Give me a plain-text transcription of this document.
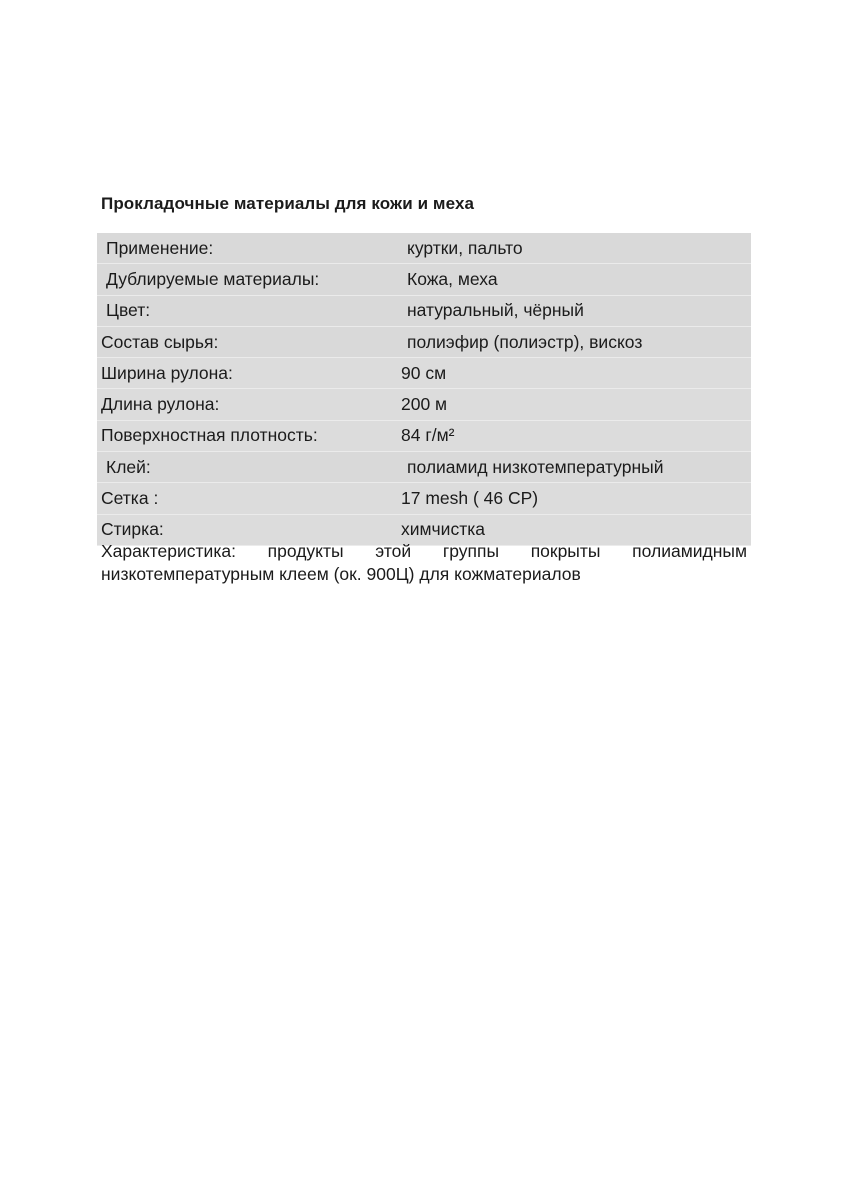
Прокладочные материалы для кожи и меха
Применение:	куртки, пальто
Дублируемые материалы:	Кожа, меха
Цвет:	натуральный, чёрный
Состав сырья:	полиэфир (полиэстр), вискоз
Ширина рулона:	90 см
Длина рулона:	200 м
Поверхностная плотность:	84 г/м²
Клей:	полиамид низкотемпературный
Сетка :	17 mesh ( 46 CP)
Стирка:	химчистка
Характеристика: продукты этой группы покрыты полиамидным
низкотемпературным клеем (ок. 900Ц) для кожматериалов
